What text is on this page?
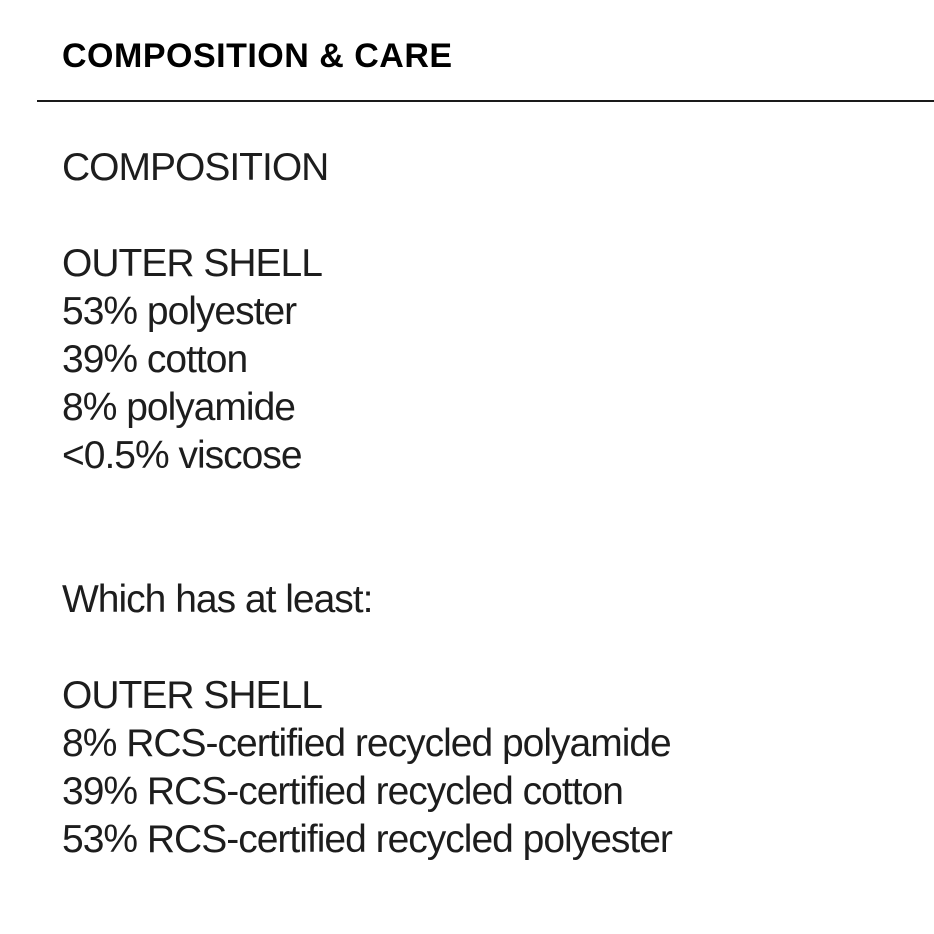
COMPOSITION & CARE
COMPOSITION
OUTER SHELL
53% polyester
39% cotton
8% polyamide
<0.5% viscose
Which has at least:
OUTER SHELL
8% RCS-certified recycled polyamide
39% RCS-certified recycled cotton
53% RCS-certified recycled polyester
